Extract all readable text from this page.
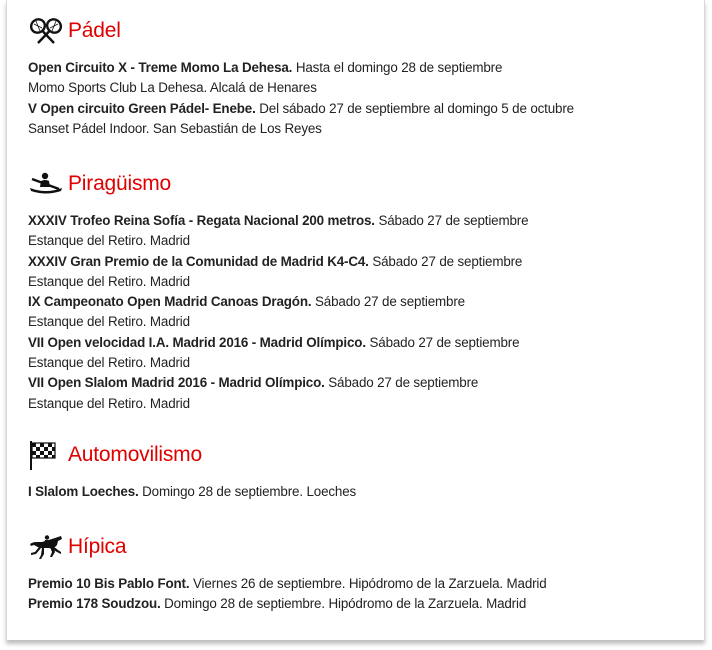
Pádel
Open Circuito X - Treme Momo La Dehesa. Hasta el domingo 28 de septiembre
Momo Sports Club La Dehesa. Alcalá de Henares
V Open circuito Green Pádel- Enebe. Del sábado 27 de septiembre al domingo 5 de octubre
Sanset Pádel Indoor. San Sebastián de Los Reyes
Piragüismo
XXXIV Trofeo Reina Sofía - Regata Nacional 200 metros. Sábado 27 de septiembre
Estanque del Retiro. Madrid
XXXIV Gran Premio de la Comunidad de Madrid K4-C4. Sábado 27 de septiembre
Estanque del Retiro. Madrid
IX Campeonato Open Madrid Canoas Dragón. Sábado 27 de septiembre
Estanque del Retiro. Madrid
VII Open velocidad I.A. Madrid 2016 - Madrid Olímpico. Sábado 27 de septiembre
Estanque del Retiro. Madrid
VII Open Slalom Madrid 2016 - Madrid Olímpico. Sábado 27 de septiembre
Estanque del Retiro. Madrid
Automovilismo
I Slalom Loeches. Domingo 28 de septiembre. Loeches
Hípica
Premio 10 Bis Pablo Font. Viernes 26 de septiembre. Hipódromo de la Zarzuela. Madrid
Premio 178 Soudzou. Domingo 28 de septiembre. Hipódromo de la Zarzuela. Madrid
